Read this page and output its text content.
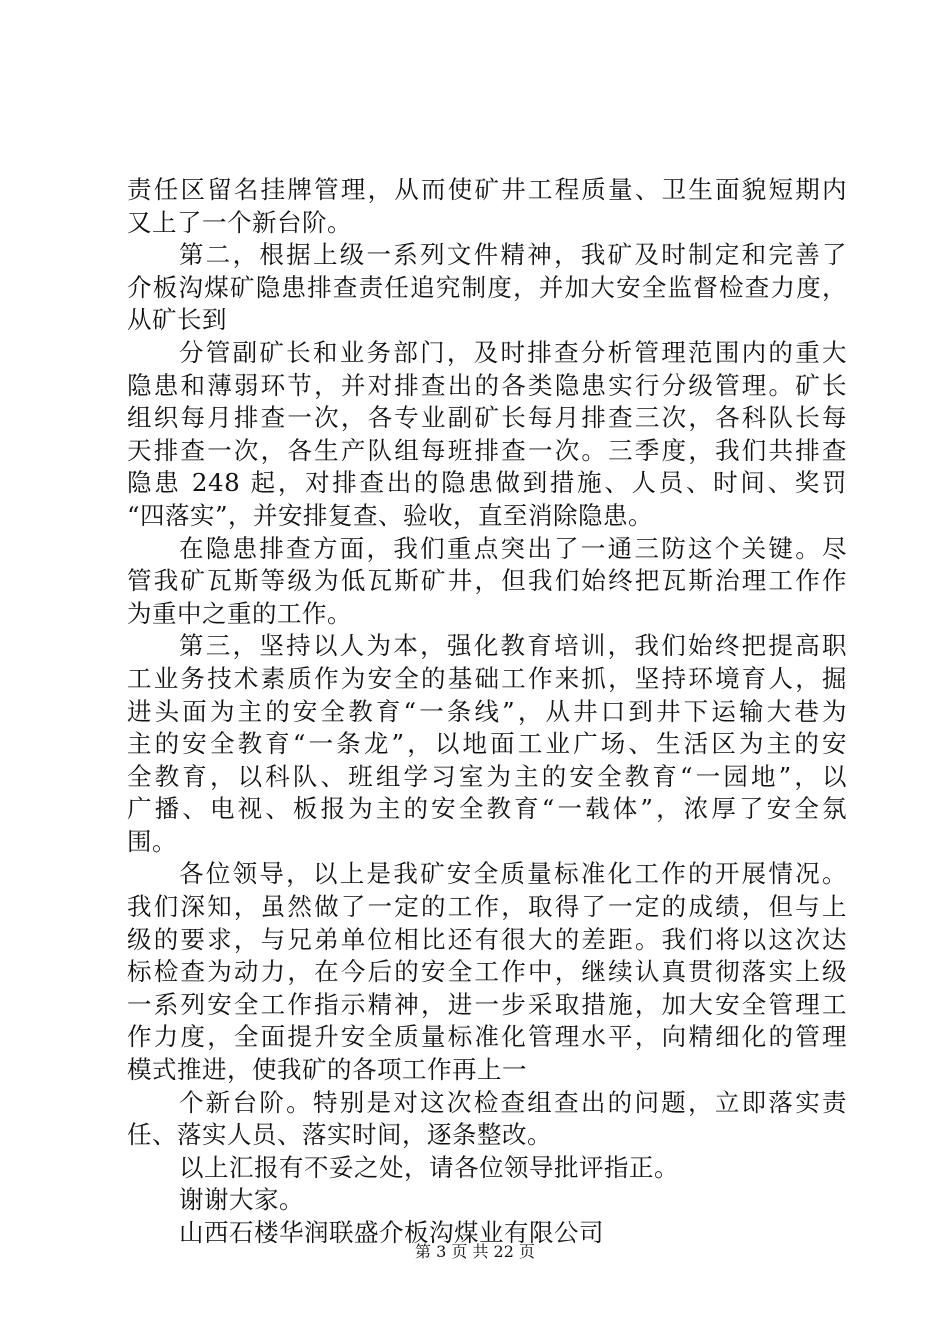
责任区留名挂牌管理，从而使矿井工程质量、卫生面貌短期内
又上了一个新台阶。
第二，根据上级一系列文件精神，我矿及时制定和完善了
介板沟煤矿隐患排查责任追究制度，并加大安全监督检查力度，
从矿长到
分管副矿长和业务部门，及时排查分析管理范围内的重大
隐患和薄弱环节，并对排查出的各类隐患实行分级管理。矿长
组织每月排查一次，各专业副矿长每月排查三次，各科队长每
天排查一次，各生产队组每班排查一次。三季度，我们共排查
隐患 248 起，对排查出的隐患做到措施、人员、时间、奖罚
“四落实”，并安排复查、验收，直至消除隐患。
在隐患排查方面，我们重点突出了一通三防这个关键。尽
管我矿瓦斯等级为低瓦斯矿井，但我们始终把瓦斯治理工作作
为重中之重的工作。
第三，坚持以人为本，强化教育培训，我们始终把提高职
工业务技术素质作为安全的基础工作来抓，坚持环境育人，掘
进头面为主的安全教育“一条线”，从井口到井下运输大巷为
主的安全教育“一条龙”，以地面工业广场、生活区为主的安
全教育，以科队、班组学习室为主的安全教育“一园地”，以
广播、电视、板报为主的安全教育“一载体”，浓厚了安全氛
围。
各位领导，以上是我矿安全质量标准化工作的开展情况。
我们深知，虽然做了一定的工作，取得了一定的成绩，但与上
级的要求，与兄弟单位相比还有很大的差距。我们将以这次达
标检查为动力，在今后的安全工作中，继续认真贯彻落实上级
一系列安全工作指示精神，进一步采取措施，加大安全管理工
作力度，全面提升安全质量标准化管理水平，向精细化的管理
模式推进，使我矿的各项工作再上一
个新台阶。特别是对这次检查组查出的问题，立即落实责
任、落实人员、落实时间，逐条整改。
以上汇报有不妥之处，请各位领导批评指正。
谢谢大家。
山西石楼华润联盛介板沟煤业有限公司
第 3 页 共 22 页
